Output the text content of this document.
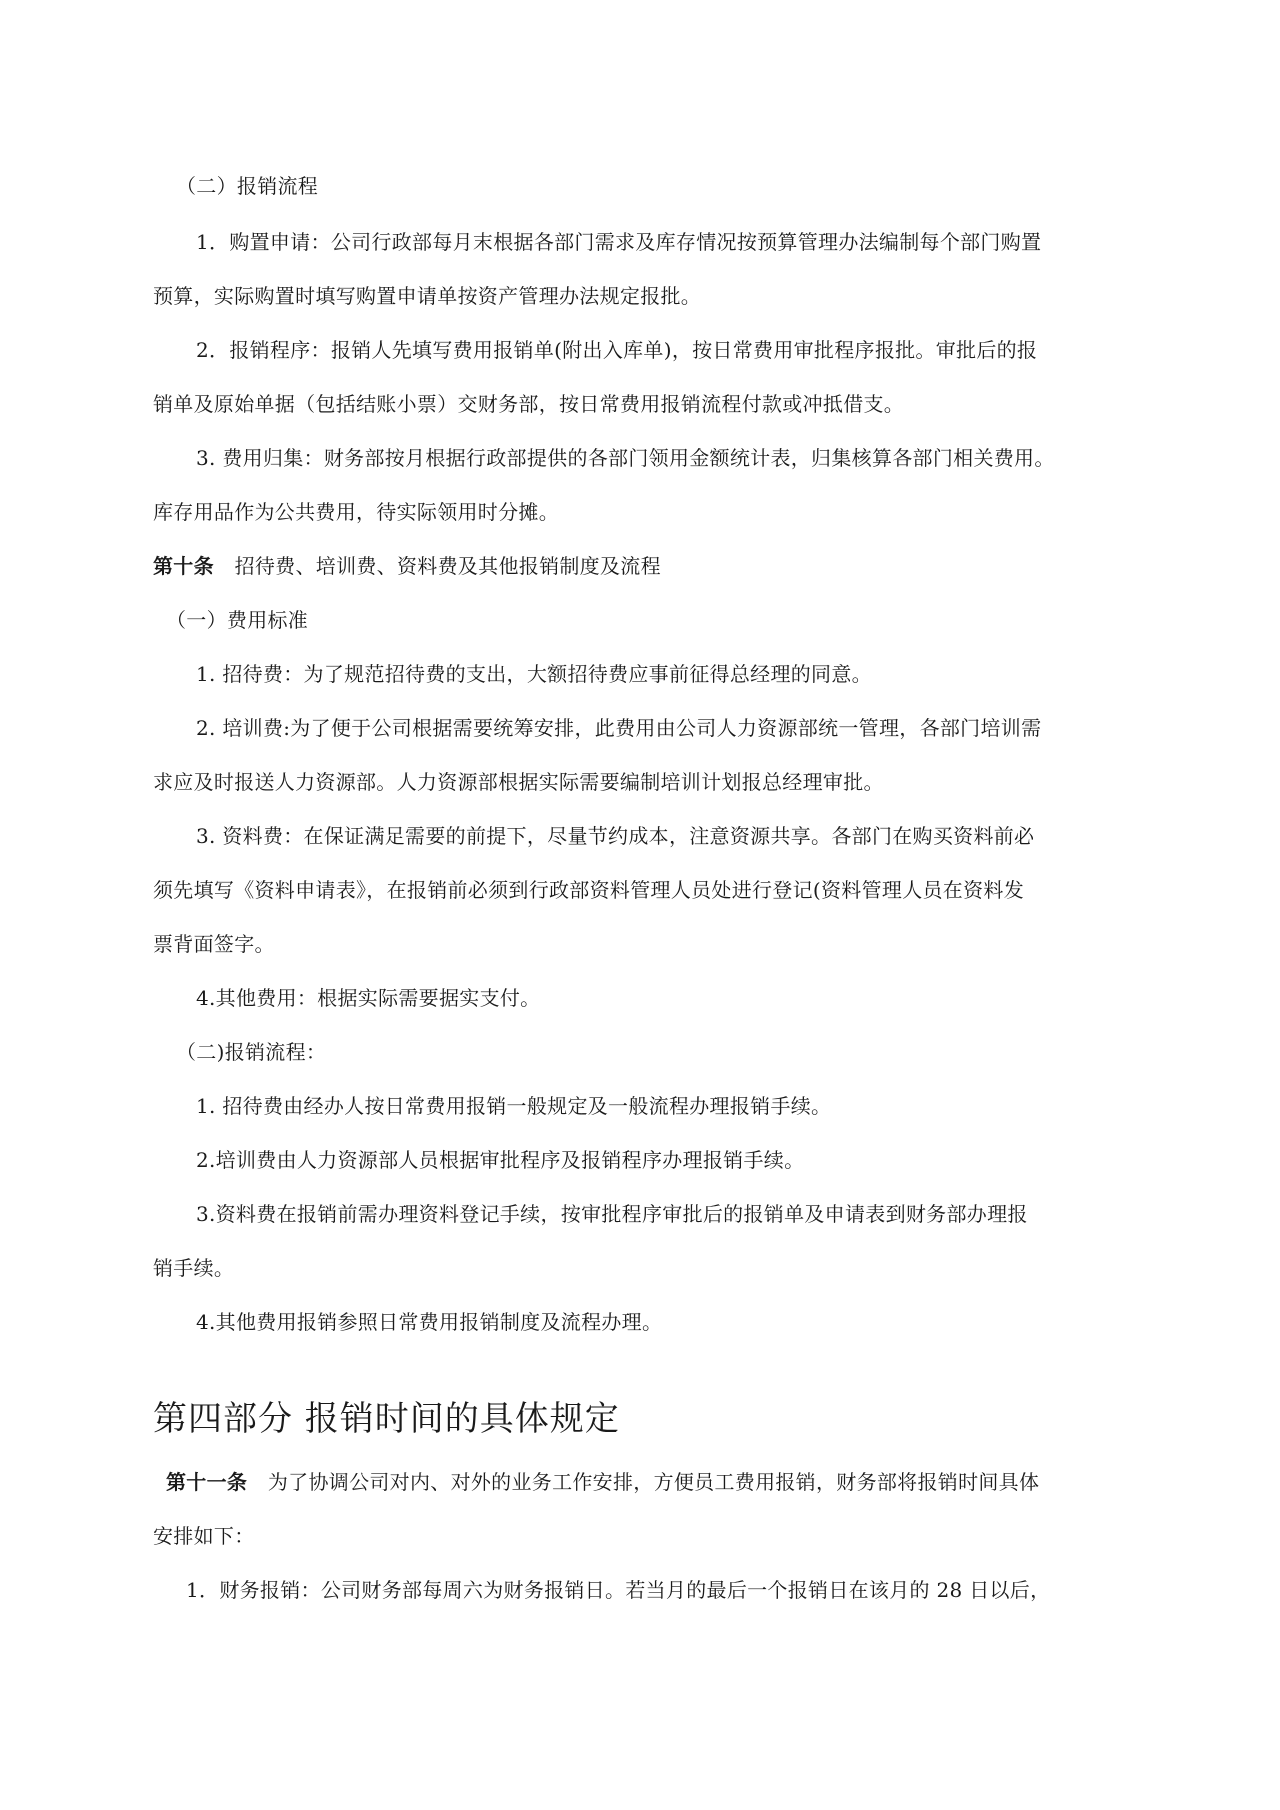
（二）报销流程
1．购置申请：公司行政部每月末根据各部门需求及库存情况按预算管理办法编制每个部门购置
预算，实际购置时填写购置申请单按资产管理办法规定报批。
2．报销程序：报销人先填写费用报销单(附出入库单)，按日常费用审批程序报批。审批后的报
销单及原始单据（包括结账小票）交财务部，按日常费用报销流程付款或冲抵借支。
3. 费用归集：财务部按月根据行政部提供的各部门领用金额统计表，归集核算各部门相关费用。
库存用品作为公共费用，待实际领用时分摊。
第十条 招待费、培训费、资料费及其他报销制度及流程
（一）费用标准
1. 招待费：为了规范招待费的支出，大额招待费应事前征得总经理的同意。
2. 培训费:为了便于公司根据需要统筹安排，此费用由公司人力资源部统一管理，各部门培训需
求应及时报送人力资源部。人力资源部根据实际需要编制培训计划报总经理审批。
3. 资料费：在保证满足需要的前提下，尽量节约成本，注意资源共享。各部门在购买资料前必
须先填写《资料申请表》，在报销前必须到行政部资料管理人员处进行登记(资料管理人员在资料发
票背面签字。
4.其他费用：根据实际需要据实支付。
（二)报销流程：
1. 招待费由经办人按日常费用报销一般规定及一般流程办理报销手续。
2.培训费由人力资源部人员根据审批程序及报销程序办理报销手续。
3.资料费在报销前需办理资料登记手续，按审批程序审批后的报销单及申请表到财务部办理报
销手续。
4.其他费用报销参照日常费用报销制度及流程办理。
第四部分 报销时间的具体规定
第十一条 为了协调公司对内、对外的业务工作安排，方便员工费用报销，财务部将报销时间具体
安排如下：
1．财务报销：公司财务部每周六为财务报销日。若当月的最后一个报销日在该月的 28 日以后，
